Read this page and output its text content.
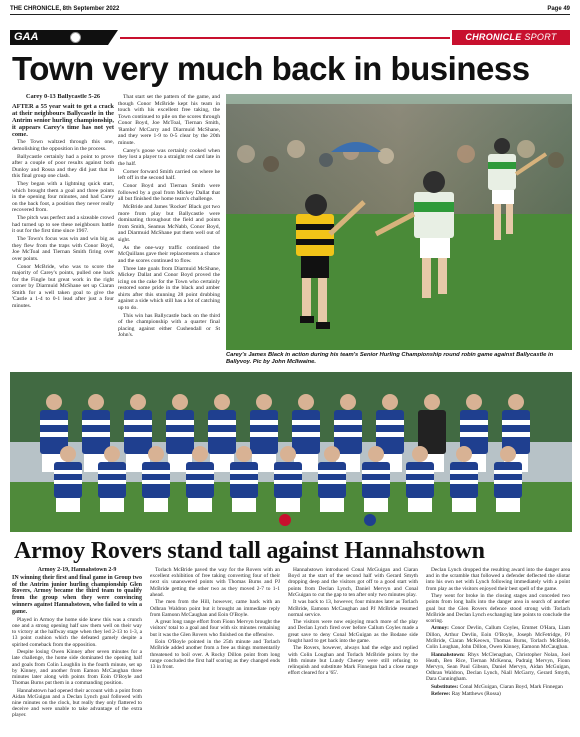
THE CHRONICLE, 8th September 2022	Page 49
GAA	CHRONICLE SPORT
Town very much back in business

Carey 0-13 Ballycastle 5-26

AFTER a 55 year wait to get a crack at their neighbours Ballycastle in the Antrim senior hurling championship, it appears Carey's time has not yet come.

The Town waltzed through this one, demolishing the opposition in the process.

Ballycastle certainly had a point to prove after a couple of poor results against both Dunloy and Rossa and they did just that in this final group one clash.

They began with a lightning quick start, which brought them a goal and three points in the opening four minutes, and had Carey on the back foot, a position they never really recovered from.

The pitch was perfect and a sizeable crowd had turned up to see these neighbours battle it out for the first time since 1967.

The Town's focus was win and win big as they flew from the traps with Conor Boyd, Joe McToal and Tiernan Smith firing over over points.

Conor McBride, who was to score the majority of Carey's points, pulled one back for the Fingle but great work in the right corner by Diarmuid McShane set up Ciaran Smith for a well taken goal to give the 'Castle a 1-4 to 0-1 lead after just a four minutes.

That start set the pattern of the game, and though Conor McBride kept his team in touch with his excellent free taking, the Town continued to pile on the scores through Conor Boyd, Joe McToal, Tiernan Smith, 'Rambo' McCarry and Diarmuid McShane, and they were 1-9 to 0-5 clear by the 20th minute.

Carey's goose was certainly cooked when they lost a player to a straight red card late in the half.

Corner forward Smith carried on where he left off in the second half.

Conor Boyd and Tiernan Smith were followed by a goal from Mickey Dallat that all but finished the home team's challenge.

McBride and James 'Rocket' Black got two more from play but Ballycastle were dominating throughout the field and points from Smith, Seamus McNabb, Conor Boyd, and Diarmuid McShane put them well out of sight.

As the one-way traffic continued the McQuillans gave their replacements a chance and the scores continued to flow.

Three late goals from Diarmuid McShane, Mickey Dallat and Conor Boyd proved the icing on the cake for the Town who certainly restored some pride in the black and amber shirts after this stunning 28 point drubbing against a side which still has a lot of catching up to do.

This win has Ballycastle back on the third of the championship with a quarter final placing against either Cushendall or St John's.

Carey's James Black in action during his team's Senior Hurling Championship round robin game against Ballycastle in Ballyvoy. Pic by John McIlwaine.
Armoy Rovers stand tall against Hannahstown

Armoy 2-19, Hannahstown 2-9

IN winning their first and final game in Group two of the Antrim junior hurling championship Glen Rovers, Armoy became the third team to qualify from the group when they were convincing winners against Hannahstown, who failed to win a game.

Played in Armoy the home side knew this was a crunch one and a strong opening half saw them well on their way to victory at the halfway stage when they led 2-13 to 1-3, a 13 point cushion which the defeated gamely despite a spirited comeback from the opposition.

Despite losing Owen Kinney after seven minutes for a late challenge, the home side dominated the opening half and goals from Colin Loughlin in the fourth minute, set up by Kinney, and another from Eamon McCaughan three minutes later along with points from Eoin O'Boyle and Thomas Burns put them in a commanding position.

Hannahstown had opened their account with a point from Aidan McGuigan and a Declan Lynch goal followed with nine minutes on the clock, but really they only flattered to deceive and were unable to take advantage of the extra player.

Torlach McBride paved the way for the Rovers with an excellent exhibition of free taking converting four of their next six unanswered points with Thomas Burns and PJ McBride getting the other two as they moved 2-7 to 1-1 ahead.

The men from the Hill, however, came back with an Odhran Waldron point but it brought an immediate reply from Eamonn McCaughan and Eoin O'Boyle.

A great long range effort from Fionn Mervyn brought the visitors' total to a goal and four with six minutes remaining but it was the Glen Rovers who finished on the offensive.

Eoin O'Boyle pointed in the 25th minute and Torlach McBride added another from a free as things momentarily threatened to boil over. A Rocky Dillon point from long range concluded the first half scoring as they changed ends 13 in front.

Hannahstown introduced Conal McGuigan and Ciaran Boyd at the start of the second half with Gerard Smyth dropping deep and the visitors got off to a good start with points from Declan Lynch, Daniel Mervyn and Conal McGuigan to cut the gap to ten after only two minutes play.

It was back to 13, however, four minutes later as Torlach McBride, Eamonn McCaughan and PJ McBride resumed normal service.

The visitors were now enjoying much more of the play and Declan Lynch fired over before Callum Coyles made a great save to deny Conal McGuigan as the Bodane side fought hard to get back into the game.

The Rovers, however, always had the edge and replied with Colin Loughan and Torlach McBride points by the 18th minute but Lundy Cheney were still refusing to relinquish and substitute Mark Finnegan had a close range effort cleared for a '65'.

Declan Lynch dropped the resulting award into the danger area and in the scramble that followed a defender deflected the sliotar into his own net with Lynch following immediately with a point from play as the visitors enjoyed their best spell of the game.

They went for broke in the closing stages and conceded two points from long balls into the danger area in search of another goal but the Glen Rovers defence stood strong with Torlach McBride and Declan Lynch exchanging late points to conclude the scoring.

Armoy: Conor Devlin, Callum Coyles, Emmet O'Hara, Liam Dillon, Arthur Devlin, Eoin O'Boyle, Joseph McFetridge, PJ McBride, Ciaran McKeown, Thomas Burns, Torlach McBride, Colin Loughan, John Dillon, Owen Kinney, Eamonn McCaughan.

Hannahstown: Rhys McClenaghan, Christopher Nolan, Joel Heath, Ben Rice, Tiernan McKenna, Padraig Mervyn, Fionn Mervyn, Sean Paul Gibson, Daniel Mervyn, Aidan McGuigan, Odhran Waldron, Declan Lynch, Niall McGarry, Gerard Smyth, Dara Cunningham.

Substitutes: Conal McGuigan, Ciaran Boyd, Mark Finnegan

Referee: Ray Matthews (Rossa)
